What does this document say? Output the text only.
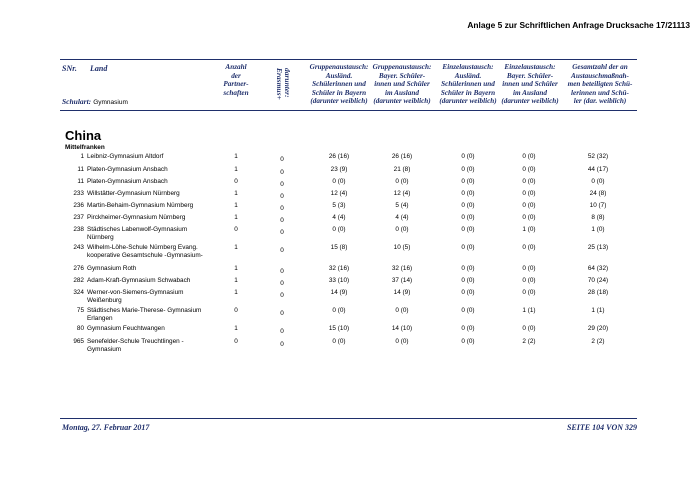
Anlage 5 zur Schriftlichen Anfrage Drucksache 17/21113
SNr. Land
Schulart: Gymnasium
Anzahl
der
Partner-
schaften	darunter:
Erasmus+
Gruppenaustausch:
Ausländ.
Schülerinnen und
Schüler in Bayern
(darunter weiblich)
Gruppenaustausch:
Bayer. Schüler-
innen und Schüler
im Ausland
(darunter weiblich)
Einzelaustausch:
Ausländ.
Schülerinnen und
Schüler in Bayern
(darunter weiblich)
Einzelaustausch:
Bayer. Schüler-
innen und Schüler
im Ausland
(darunter weiblich)
Gesamtzahl der an
Austauschmaßnah-
men beteiligten Schü-
lerinnen und Schü-
ler (dar. weiblich)
China
Mittelfranken
1 Leibniz-Gymnasium Altdorf	1	0	26 (16)	26 (16)	0 (0)	0 (0)	52 (32)
11 Platen-Gymnasium Ansbach	1	0	23 (9)	21 (8)	0 (0)	0 (0)	44 (17)
11 Platen-Gymnasium Ansbach	0	0	0 (0)	0 (0)	0 (0)	0 (0)	0 (0)
233 Willstätter-Gymnasium Nürnberg	1	0	12 (4)	12 (4)	0 (0)	0 (0)	24 (8)
236 Martin-Behaim-Gymnasium Nürnberg	1	0	5 (3)	5 (4)	0 (0)	0 (0)	10 (7)
237 Pirckheimer-Gymnasium Nürnberg	1	0	4 (4)	4 (4)	0 (0)	0 (0)	8 (8)
238 Städtisches Labenwolf-Gymnasium
Nürnberg
0	0	0 (0)	0 (0)	0 (0)	1 (0)	1 (0)
243 Wilhelm-Löhe-Schule Nürnberg Evang.
kooperative Gesamtschule -Gymnasium-
1	0	15 (8)	10 (5)	0 (0)	0 (0)	25 (13)
276 Gymnasium Roth	1	0	32 (16)	32 (16)	0 (0)	0 (0)	64 (32)
282 Adam-Kraft-Gymnasium Schwabach	1	0	33 (10)	37 (14)	0 (0)	0 (0)	70 (24)
324 Werner-von-Siemens-Gymnasium
Weißenburg
1	0	14 (9)	14 (9)	0 (0)	0 (0)	28 (18)
75 Städtisches Marie-Therese- Gymnasium
Erlangen
0	0	0 (0)	0 (0)	0 (0)	1 (1)	1 (1)
80 Gymnasium Feuchtwangen	1	0	15 (10)	14 (10)	0 (0)	0 (0)	29 (20)
965 Senefelder-Schule Treuchtlingen -
Gymnasium
0	0	0 (0)	0 (0)	0 (0)	2 (2)	2 (2)
Montag, 27. Februar 2017	SEITE 104 VON 329
